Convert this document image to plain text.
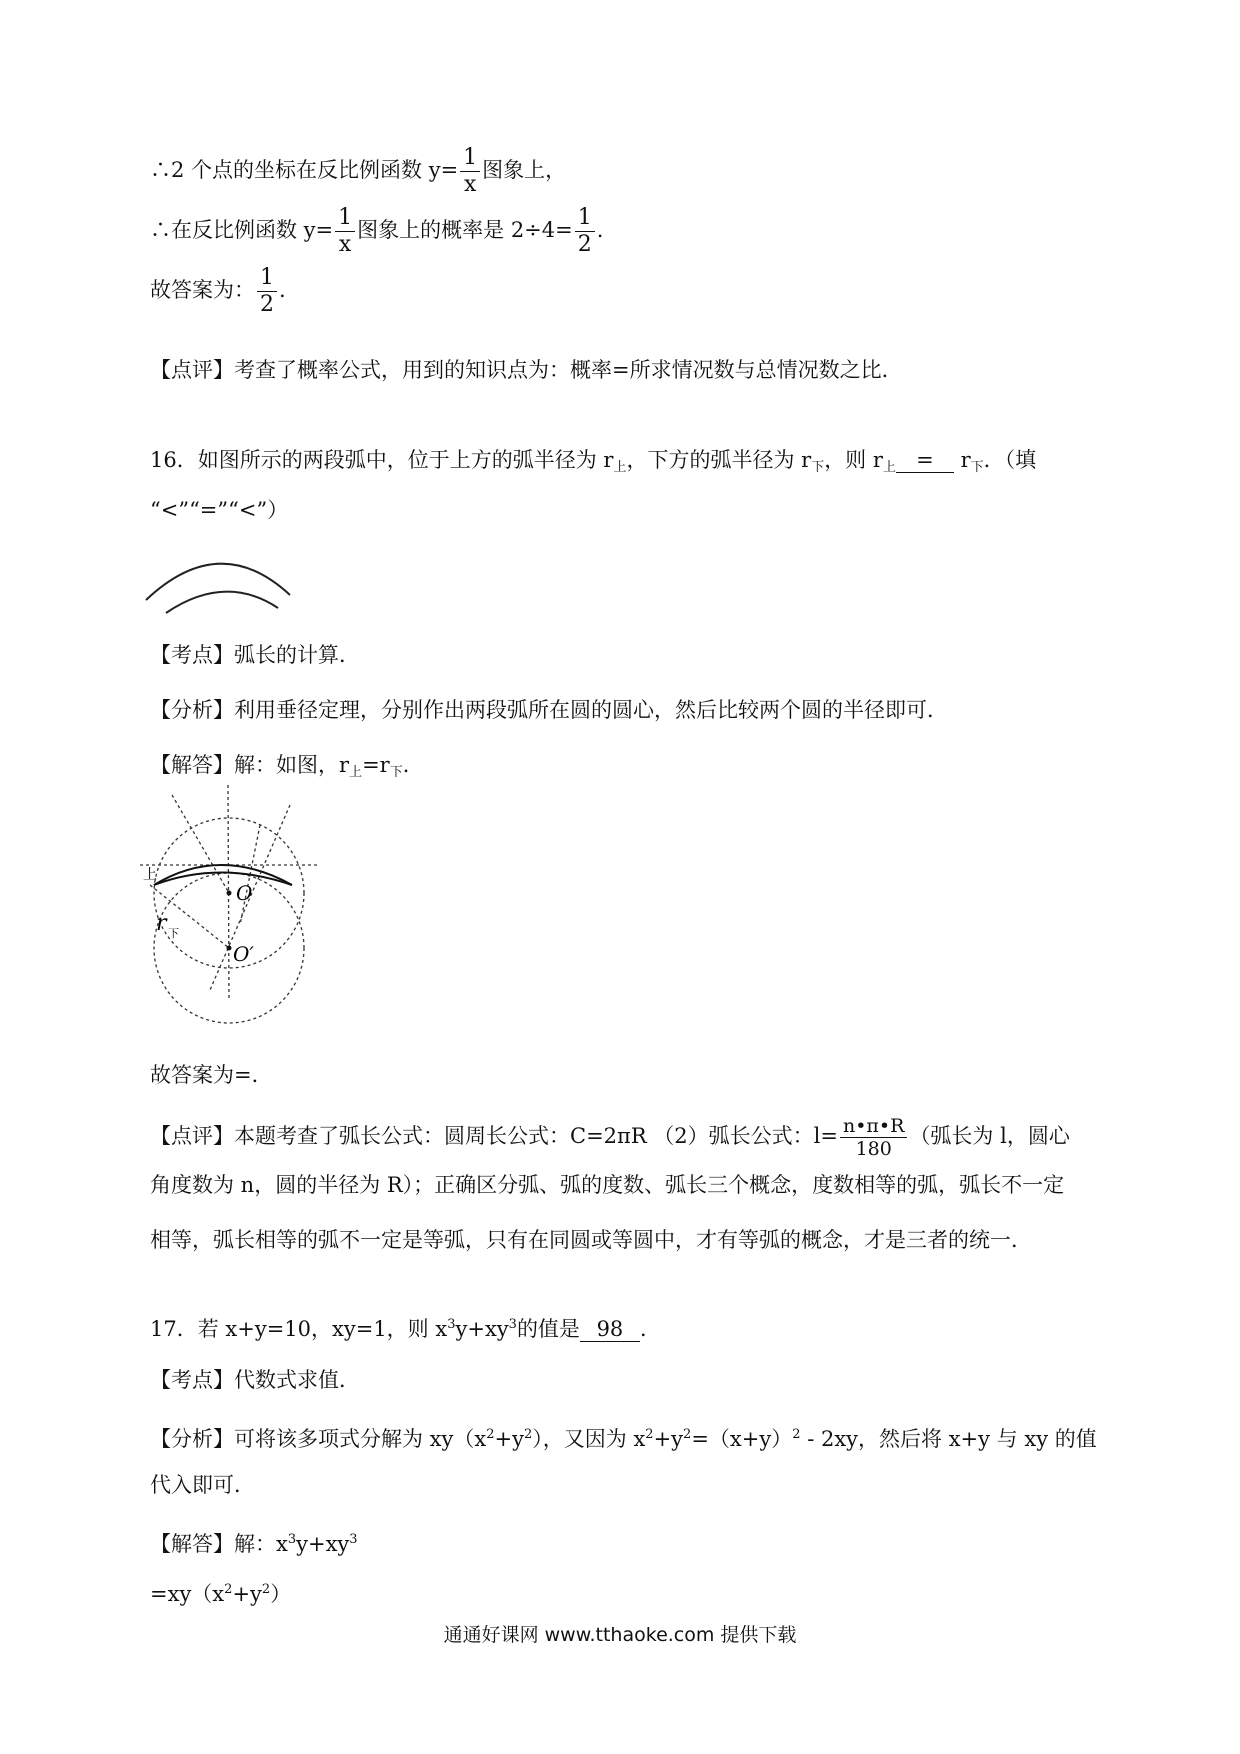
∴2 个点的坐标在反比例函数 $y= \frac{1}{x}$ 图象上，
∴在反比例函数 $y= \frac{1}{x}$ 图象上的概率是 $2\div 4= \frac{1}{2}$ .
故答案为： $\frac{1}{2}$ .
【点评】考查了概率公式，用到的知识点为：概率=所求情况数与总情况数之比．
16．如图所示的两段弧中，位于上方的弧半径为 $r_上$，下方的弧半径为 $r_下$，则 $r_上 = r_下$．（填
“<”“=”“<”）
【考点】弧长的计算．
【分析】利用垂径定理，分别作出两段弧所在圆的圆心，然后比较两个圆的半径即可．
【解答】解：如图，$r_上=r_下$．
上
r 下
O
O′
故答案为=．
【点评】本题考查了弧长公式：圆周长公式：C=2πR （2）弧长公式：$l= \frac{n•\pi•R}{180}$ （弧长为 l，圆心
角度数为 n，圆的半径为 R）；正确区分弧、弧的度数、弧长三个概念，度数相等的弧，弧长不一定
相等，弧长相等的弧不一定是等弧，只有在同圆或等圆中，才有等弧的概念，才是三者的统一．
17．若 x+y=10，xy=1，则 $x^3y+xy^3$的值是 98 ．
【考点】代数式求值．
【分析】可将该多项式分解为 $xy(x^2+y^2)$，又因为 $x^2+y^2=(x+y)^2 - 2xy$，然后将 x+y 与 xy 的值
代入即可．
【解答】解：$x^3y+xy^3$
$=xy(x^2+y^2)$
通通好课网 www.tthaoke.com 提供下载
